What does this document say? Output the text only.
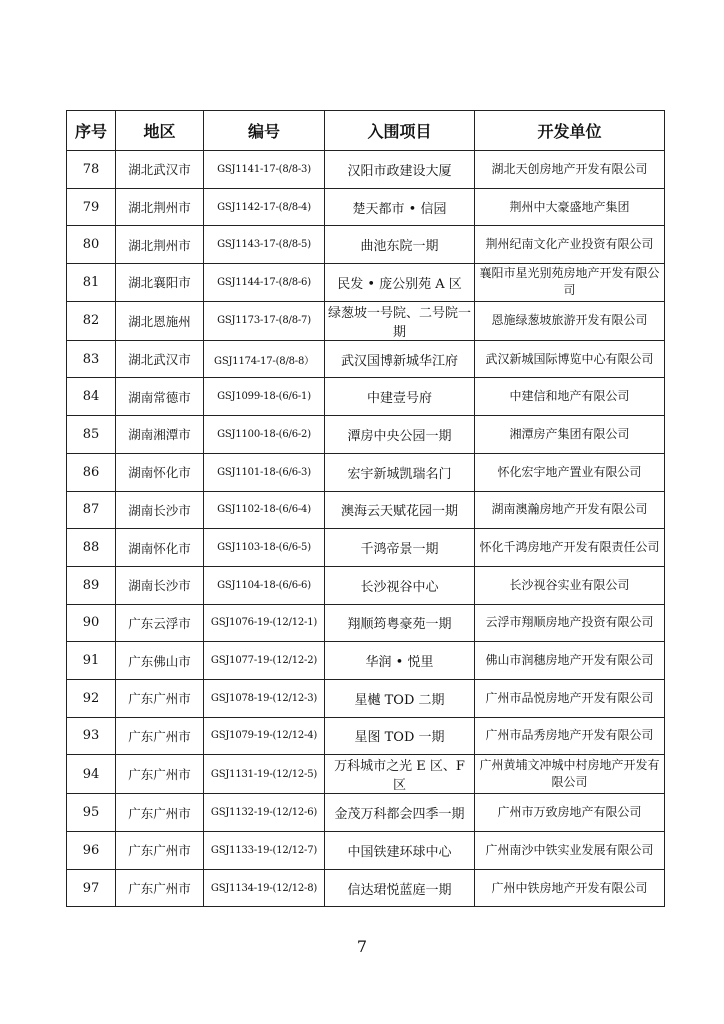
序号	地区	编号	入围项目	开发单位
78	湖北武汉市	GSJ1141-17-(8/8-3)	汉阳市政建设大厦	湖北天创房地产开发有限公司
79	湖北荆州市	GSJ1142-17-(8/8-4)	楚天都市 • 信园	荆州中大豪盛地产集团
80	湖北荆州市	GSJ1143-17-(8/8-5)	曲池东院一期	荆州纪南文化产业投资有限公司
81	湖北襄阳市	GSJ1144-17-(8/8-6)	民发 • 庞公别苑 A 区	襄阳市星光别苑房地产开发有限公司
82	湖北恩施州	GSJ1173-17-(8/8-7)	绿葱坡一号院、二号院一期	恩施绿葱坡旅游开发有限公司
83	湖北武汉市	GSJ1174-17-(8/8-8）	武汉国博新城华江府	武汉新城国际博览中心有限公司
84	湖南常德市	GSJ1099-18-(6/6-1)	中建壹号府	中建信和地产有限公司
85	湖南湘潭市	GSJ1100-18-(6/6-2)	潭房中央公园一期	湘潭房产集团有限公司
86	湖南怀化市	GSJ1101-18-(6/6-3)	宏宇新城凯瑞名门	怀化宏宇地产置业有限公司
87	湖南长沙市	GSJ1102-18-(6/6-4)	澳海云天赋花园一期	湖南澳瀚房地产开发有限公司
88	湖南怀化市	GSJ1103-18-(6/6-5)	千鸿帝景一期	怀化千鸿房地产开发有限责任公司
89	湖南长沙市	GSJ1104-18-(6/6-6)	长沙视谷中心	长沙视谷实业有限公司
90	广东云浮市	GSJ1076-19-(12/12-1)	翔顺筠粤豪苑一期	云浮市翔顺房地产投资有限公司
91	广东佛山市	GSJ1077-19-(12/12-2)	华润 • 悦里	佛山市润穗房地产开发有限公司
92	广东广州市	GSJ1078-19-(12/12-3)	星樾 TOD 二期	广州市品悦房地产开发有限公司
93	广东广州市	GSJ1079-19-(12/12-4)	星图 TOD 一期	广州市品秀房地产开发有限公司
94	广东广州市	GSJ1131-19-(12/12-5)	万科城市之光 E 区、F 区	广州黄埔文冲城中村房地产开发有限公司
95	广东广州市	GSJ1132-19-(12/12-6)	金茂万科都会四季一期	广州市万致房地产有限公司
96	广东广州市	GSJ1133-19-(12/12-7)	中国铁建环球中心	广州南沙中铁实业发展有限公司
97	广东广州市	GSJ1134-19-(12/12-8)	信达珺悦蓝庭一期	广州中铁房地产开发有限公司
7
